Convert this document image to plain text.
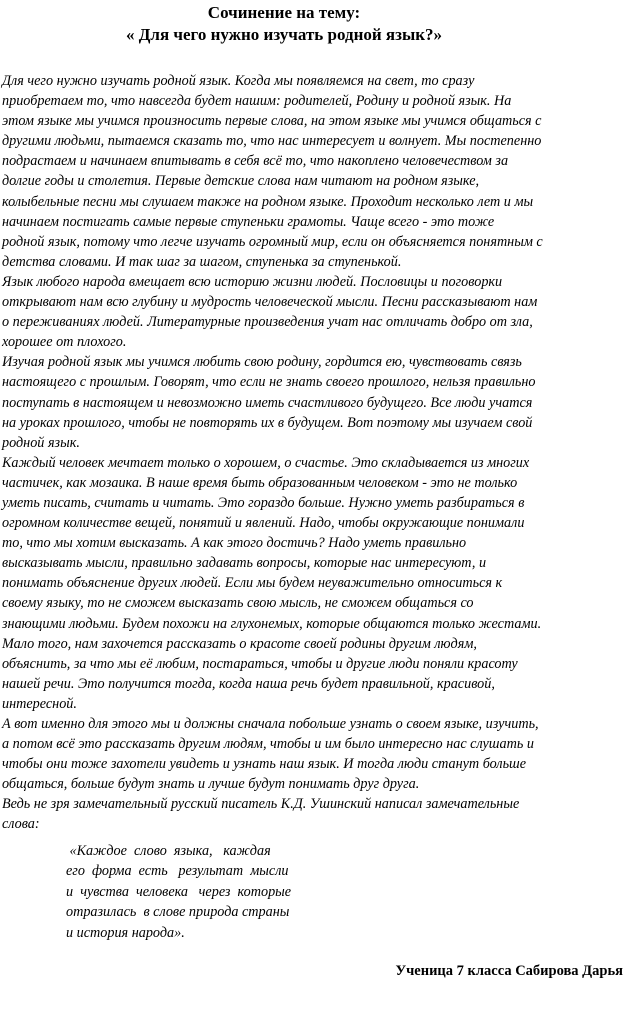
Сочинение на тему:
« Для чего нужно изучать родной язык?»
Для чего нужно изучать родной язык. Когда мы появляемся на свет, то сразу
приобретаем то, что навсегда будет нашим: родителей, Родину и родной язык. На
этом языке мы учимся произносить первые слова, на этом языке мы учимся общаться с
другими людьми, пытаемся сказать то, что нас интересует и волнует. Мы постепенно
подрастаем и начинаем впитывать в себя всё то, что накоплено человечеством за
долгие годы и столетия. Первые детские слова нам читают на родном языке,
колыбельные песни мы слушаем также на родном языке. Проходит несколько лет и мы
начинаем постигать самые первые ступеньки грамоты. Чаще всего - это тоже
родной язык, потому что легче изучать огромный мир, если он объясняется понятным с
детства словами. И так шаг за шагом, ступенька за ступенькой.
Язык любого народа вмещает всю историю жизни людей. Пословицы и поговорки
открывают нам всю глубину и мудрость человеческой мысли. Песни рассказывают нам
о переживаниях людей. Литературные произведения учат нас отличать добро от зла,
хорошее от плохого.
Изучая родной язык мы учимся любить свою родину, гордится ею, чувствовать связь
настоящего с прошлым. Говорят, что если не знать своего прошлого, нельзя правильно
поступать в настоящем и невозможно иметь счастливого будущего. Все люди учатся
на уроках прошлого, чтобы не повторять их в будущем. Вот поэтому мы изучаем свой
родной язык.
Каждый человек мечтает только о хорошем, о счастье. Это складывается из многих
частичек, как мозаика. В наше время быть образованным человеком - это не только
уметь писать, считать и читать. Это гораздо больше. Нужно уметь разбираться в
огромном количестве вещей, понятий и явлений. Надо, чтобы окружающие понимали
то, что мы хотим высказать. А как этого достичь? Надо уметь правильно
высказывать мысли, правильно задавать вопросы, которые нас интересуют, и
понимать объяснение других людей. Если мы будем неуважительно относиться к
своему языку, то не сможем высказать свою мысль, не сможем общаться со
знающими людьми. Будем похожи на глухонемых, которые общаются только жестами.
Мало того, нам захочется рассказать о красоте своей родины другим людям,
объяснить, за что мы её любим, постараться, чтобы и другие люди поняли красоту
нашей речи. Это получится тогда, когда наша речь будет правильной, красивой,
интересной.
А вот именно для этого мы и должны сначала побольше узнать о своем языке, изучить,
а потом всё это рассказать другим людям, чтобы и им было интересно нас слушать и
чтобы они тоже захотели увидеть и узнать наш язык. И тогда люди станут больше
общаться, больше будут знать и лучше будут понимать друг друга.
Ведь не зря замечательный русский писатель К.Д. Ушинский написал замечательные
слова:
«Каждое  слово  языка,   каждая
его  форма  есть   результат  мысли
и  чувства  человека   через  которые
отразилась  в слове природа страны
и история народа».

Ученица 7 класса Сабирова Дарья
